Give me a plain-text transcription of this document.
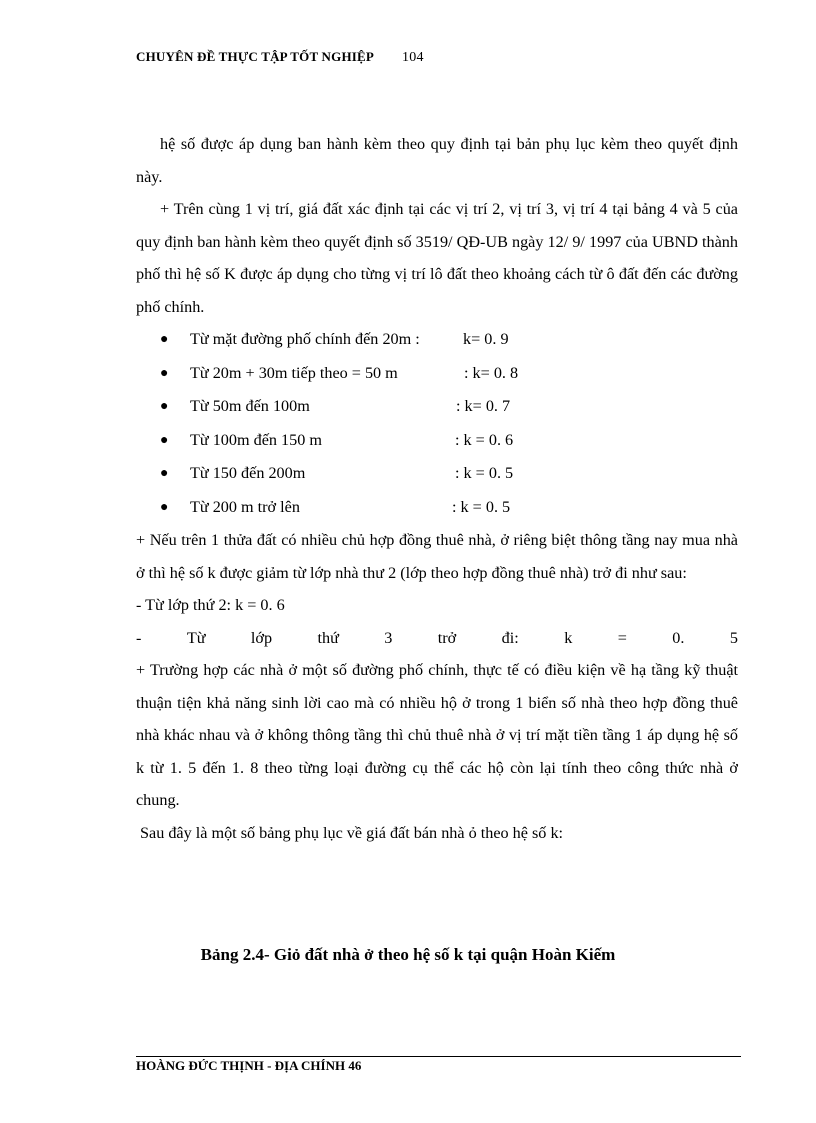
CHUYÊN ĐỀ THỰC TẬP TỐT NGHIỆP 104

hệ số được áp dụng ban hành kèm theo quy định tại bản phụ lục kèm theo quyết định này.

+ Trên cùng 1 vị trí, giá đất xác định tại các vị trí 2, vị trí 3, vị trí 4 tại bảng 4 và 5 của quy định ban hành kèm theo quyết định số 3519/ QĐ-UB ngày 12/ 9/ 1997 của UBND thành phố thì hệ số K được áp dụng cho từng vị trí lô đất theo khoảng cách từ ô đất đến các đường phố chính.

● Từ mặt đường phố chính đến 20m :	k= 0. 9
● Từ 20m + 30m tiếp theo = 50 m	: k= 0. 8
● Từ 50m đến 100m	: k= 0. 7
● Từ 100m đến 150 m	: k = 0. 6
● Từ 150 đến 200m	: k = 0. 5
● Từ 200 m trở lên	: k = 0. 5

+ Nếu trên 1 thửa đất có nhiều chủ hợp đồng thuê nhà, ở riêng biệt thông tầng nay mua nhà ở thì hệ số k được giảm từ lớp nhà thư 2 (lớp theo hợp đồng thuê nhà) trở đi như sau:

- Từ lớp thứ 2: k = 0. 6

-	Từ	lớp	thứ	3	trở	đi:	k	=	0.	5

+ Trường hợp các nhà ở một số đường phố chính, thực tế có điều kiện về hạ tầng kỹ thuật thuận tiện khả năng sinh lời cao mà có nhiều hộ ở trong 1 biển số nhà theo hợp đồng thuê nhà khác nhau và ở không thông tầng thì chủ thuê nhà ở vị trí mặt tiền tầng 1 áp dụng hệ số k từ 1. 5 đến 1. 8 theo từng loại đường cụ thể các hộ còn lại tính theo công thức nhà ở chung.

Sau đây là một số bảng phụ lục về giá đất bán nhà ỏ theo hệ số k:

Bảng 2.4- Giỏ đất nhà ở theo hệ số k tại quận Hoàn Kiếm
HOÀNG ĐỨC THỊNH - ĐỊA CHÍNH 46
